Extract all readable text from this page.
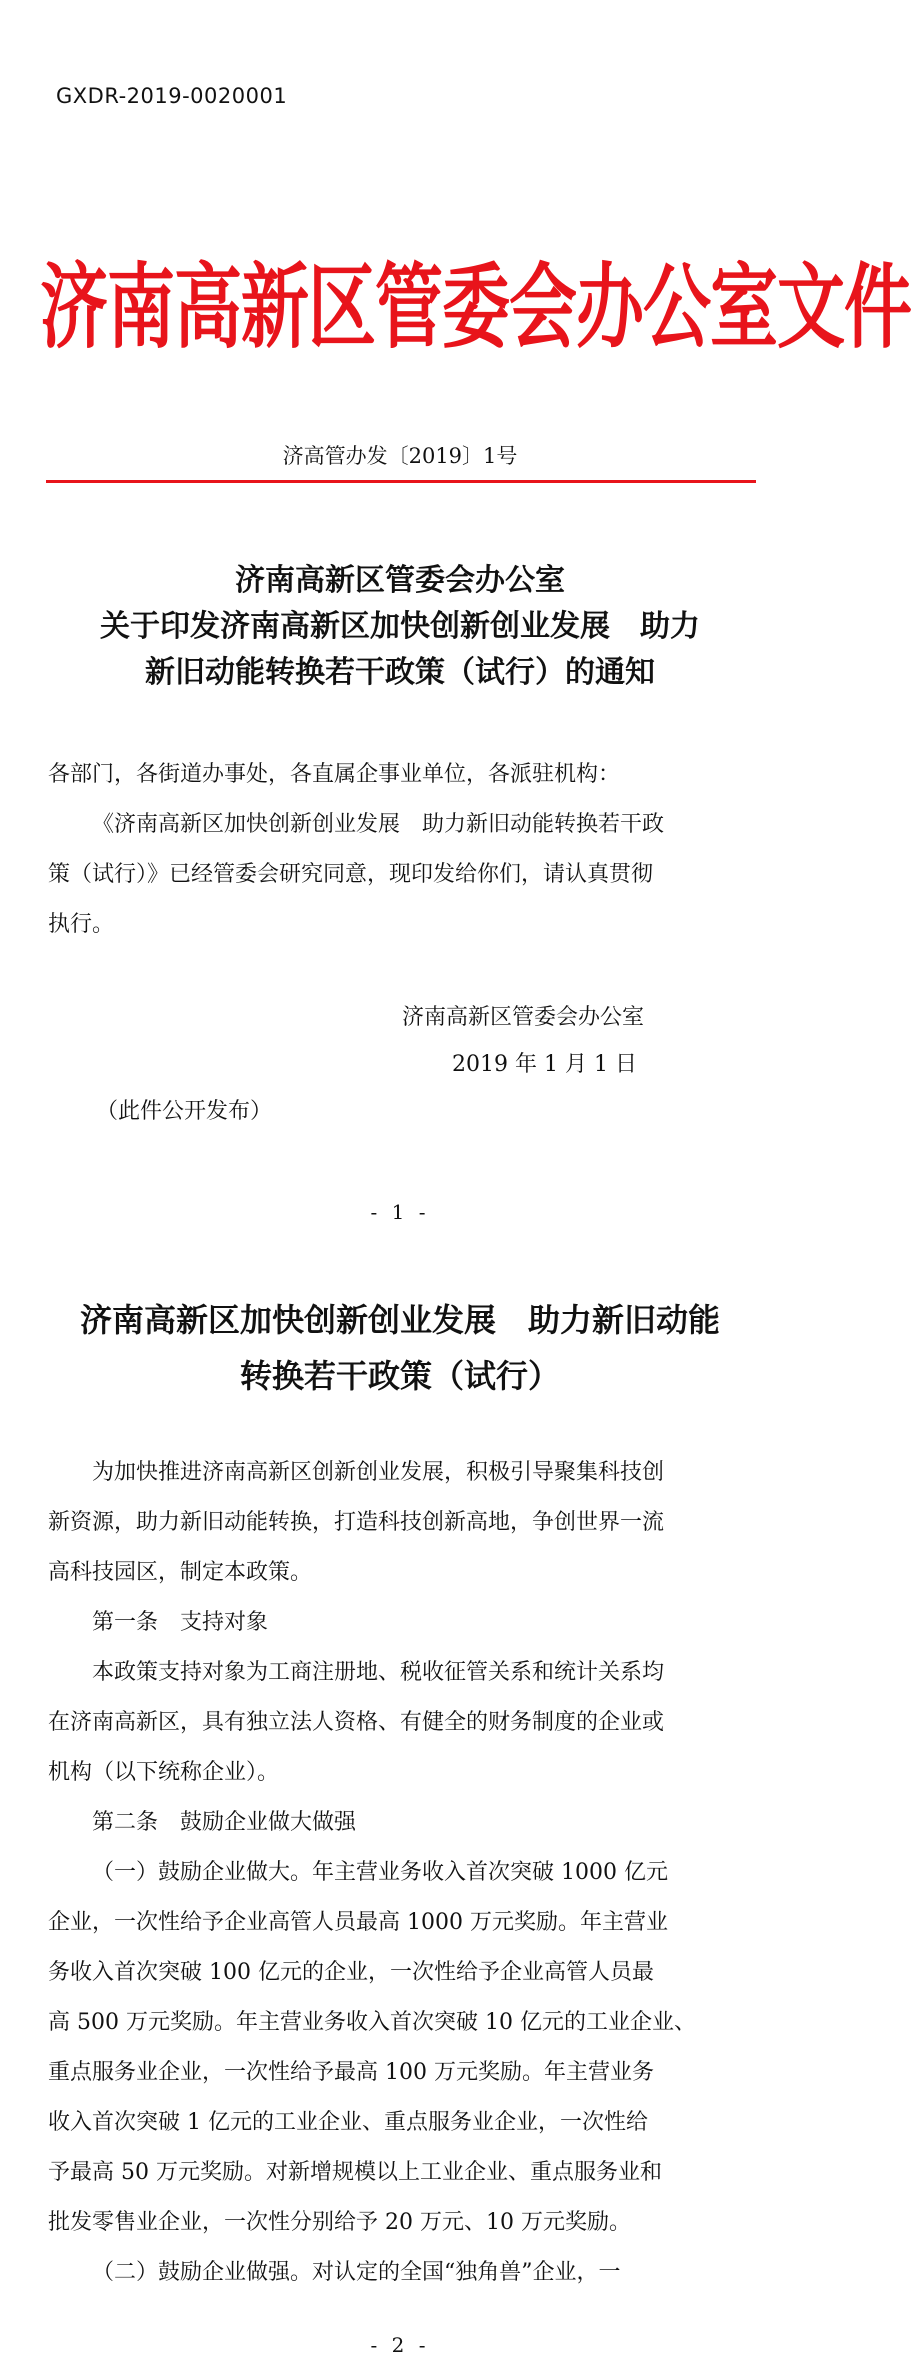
GXDR-2019-0020001
济南高新区管委会办公室文件
济高管办发〔2019〕1号
济南高新区管委会办公室
关于印发济南高新区加快创新创业发展　助力
新旧动能转换若干政策（试行）的通知
各部门，各街道办事处，各直属企事业单位，各派驻机构：
《济南高新区加快创新创业发展　助力新旧动能转换若干政
策（试行）》已经管委会研究同意，现印发给你们，请认真贯彻
执行。
济南高新区管委会办公室
2019 年 1 月 1 日
（此件公开发布）
- 1 -
- 2 -
济南高新区加快创新创业发展　助力新旧动能
转换若干政策（试行）
为加快推进济南高新区创新创业发展，积极引导聚集科技创
新资源，助力新旧动能转换，打造科技创新高地，争创世界一流
高科技园区，制定本政策。
第一条　支持对象
本政策支持对象为工商注册地、税收征管关系和统计关系均
在济南高新区，具有独立法人资格、有健全的财务制度的企业或
机构（以下统称企业）。
第二条　鼓励企业做大做强
（一）鼓励企业做大。年主营业务收入首次突破 1000 亿元
企业，一次性给予企业高管人员最高 1000 万元奖励。年主营业
务收入首次突破 100 亿元的企业，一次性给予企业高管人员最
高 500 万元奖励。年主营业务收入首次突破 10 亿元的工业企业、
重点服务业企业，一次性给予最高 100 万元奖励。年主营业务
收入首次突破 1 亿元的工业企业、重点服务业企业，一次性给
予最高 50 万元奖励。对新增规模以上工业企业、重点服务业和
批发零售业企业，一次性分别给予 20 万元、10 万元奖励。
（二）鼓励企业做强。对认定的全国“独角兽”企业，一
